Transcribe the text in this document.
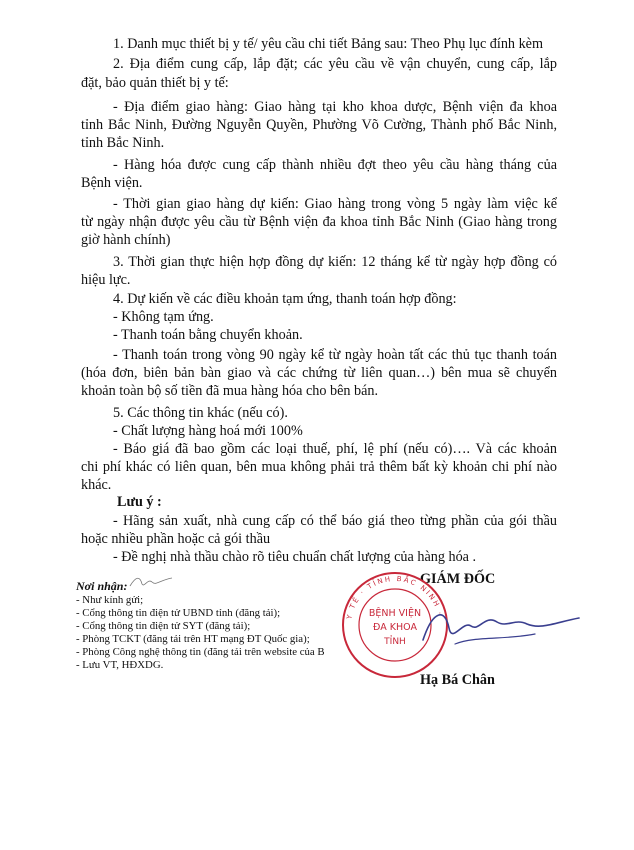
1. Danh mục thiết bị y tế/ yêu cầu chi tiết Bảng sau: Theo Phụ lục đính kèm
2. Địa điểm cung cấp, lắp đặt; các yêu cầu về vận chuyển, cung cấp, lắp
đặt, bảo quản thiết bị y tế:
- Địa điểm giao hàng: Giao hàng tại kho khoa dược, Bệnh viện đa khoa
tỉnh Bắc Ninh, Đường Nguyễn Quyền, Phường Võ Cường, Thành phố Bắc Ninh,
tỉnh Bắc Ninh.
- Hàng hóa được cung cấp thành nhiều đợt theo yêu cầu hàng tháng của
Bệnh viện.
- Thời gian giao hàng dự kiến: Giao hàng trong vòng 5 ngày làm việc kể
từ ngày nhận được yêu cầu từ Bệnh viện đa khoa tỉnh Bắc Ninh (Giao hàng trong
giờ hành chính)
3. Thời gian thực hiện hợp đồng dự kiến: 12 tháng kể từ ngày hợp đồng có
hiệu lực.
4. Dự kiến về các điều khoản tạm ứng, thanh toán hợp đồng:
- Không tạm ứng.
- Thanh toán bằng chuyển khoản.
- Thanh toán trong vòng 90 ngày kể từ ngày hoàn tất các thủ tục thanh toán
(hóa đơn, biên bản bàn giao và các chứng từ liên quan…) bên mua sẽ chuyển
khoản toàn bộ số tiền đã mua hàng hóa cho bên bán.
5. Các thông tin khác (nếu có).
- Chất lượng hàng hoá mới 100%
- Báo giá đã bao gồm các loại thuế, phí, lệ phí (nếu có)…. Và các khoản
chi phí khác có liên quan, bên mua không phải trả thêm bất kỳ khoản chi phí nào
khác.
Lưu ý :
- Hãng sản xuất, nhà cung cấp có thể báo giá theo từng phần của gói thầu
hoặc nhiều phần hoặc cả gói thầu
- Đề nghị nhà thầu chào rõ tiêu chuẩn chất lượng của hàng hóa .
Nơi nhận:
- Như kính gửi;
- Cổng thông tin điện tử UBND tỉnh (đăng tải);
- Cổng thông tin điện tử SYT (đăng tải);
- Phòng TCKT (đăng tải trên HT mạng ĐT Quốc gia);
- Phòng Công nghệ thông tin (đăng tải trên website của B
- Lưu VT, HĐXDG.
GIÁM ĐỐC
Y TẾ · TỈNH BẮC NINH ·
BỆNH VIỆN
ĐA KHOA
TỈNH
Hạ Bá Chân
